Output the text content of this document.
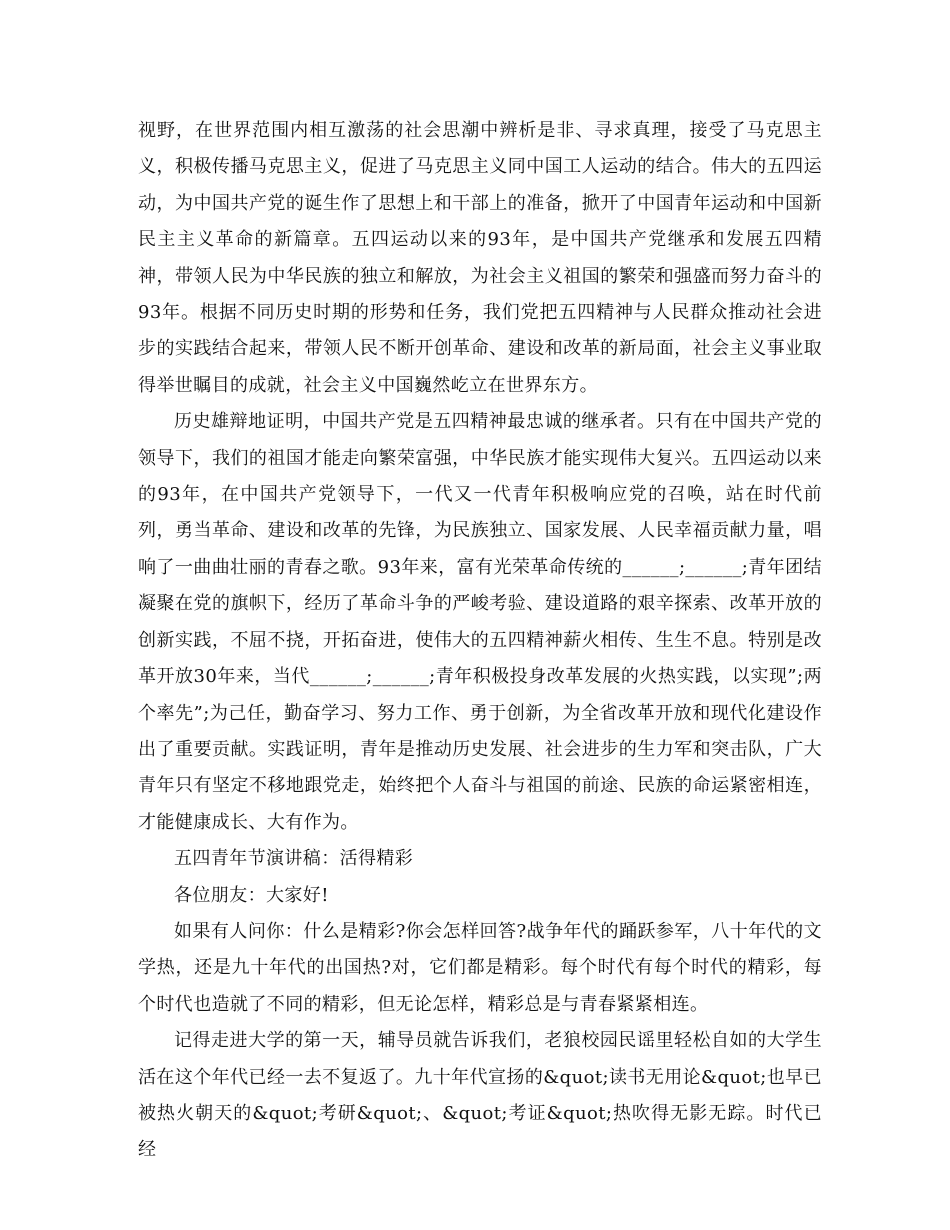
视野，在世界范围内相互激荡的社会思潮中辨析是非、寻求真理，接受了马克思主义，积极传播马克思主义，促进了马克思主义同中国工人运动的结合。伟大的五四运动，为中国共产党的诞生作了思想上和干部上的准备，掀开了中国青年运动和中国新民主主义革命的新篇章。五四运动以来的93年，是中国共产党继承和发展五四精神，带领人民为中华民族的独立和解放，为社会主义祖国的繁荣和强盛而努力奋斗的93年。根据不同历史时期的形势和任务，我们党把五四精神与人民群众推动社会进步的实践结合起来，带领人民不断开创革命、建设和改革的新局面，社会主义事业取得举世瞩目的成就，社会主义中国巍然屹立在世界东方。

历史雄辩地证明，中国共产党是五四精神最忠诚的继承者。只有在中国共产党的领导下，我们的祖国才能走向繁荣富强，中华民族才能实现伟大复兴。五四运动以来的93年，在中国共产党领导下，一代又一代青年积极响应党的召唤，站在时代前列，勇当革命、建设和改革的先锋，为民族独立、国家发展、人民幸福贡献力量，唱响了一曲曲壮丽的青春之歌。93年来，富有光荣革命传统的______;______;青年团结凝聚在党的旗帜下，经历了革命斗争的严峻考验、建设道路的艰辛探索、改革开放的创新实践，不屈不挠，开拓奋进，使伟大的五四精神薪火相传、生生不息。特别是改革开放30年来，当代______;______;青年积极投身改革发展的火热实践，以实现”;两个率先”;为己任，勤奋学习、努力工作、勇于创新，为全省改革开放和现代化建设作出了重要贡献。实践证明，青年是推动历史发展、社会进步的生力军和突击队，广大青年只有坚定不移地跟党走，始终把个人奋斗与祖国的前途、民族的命运紧密相连，才能健康成长、大有作为。

五四青年节演讲稿：活得精彩

各位朋友：大家好!

如果有人问你：什么是精彩?你会怎样回答?战争年代的踊跃参军，八十年代的文学热，还是九十年代的出国热?对，它们都是精彩。每个时代有每个时代的精彩，每个时代也造就了不同的精彩，但无论怎样，精彩总是与青春紧紧相连。

记得走进大学的第一天，辅导员就告诉我们，老狼校园民谣里轻松自如的大学生活在这个年代已经一去不复返了。九十年代宣扬的&quot;读书无用论&quot;也早已被热火朝天的&quot;考研&quot;、&quot;考证&quot;热吹得无影无踪。时代已经
